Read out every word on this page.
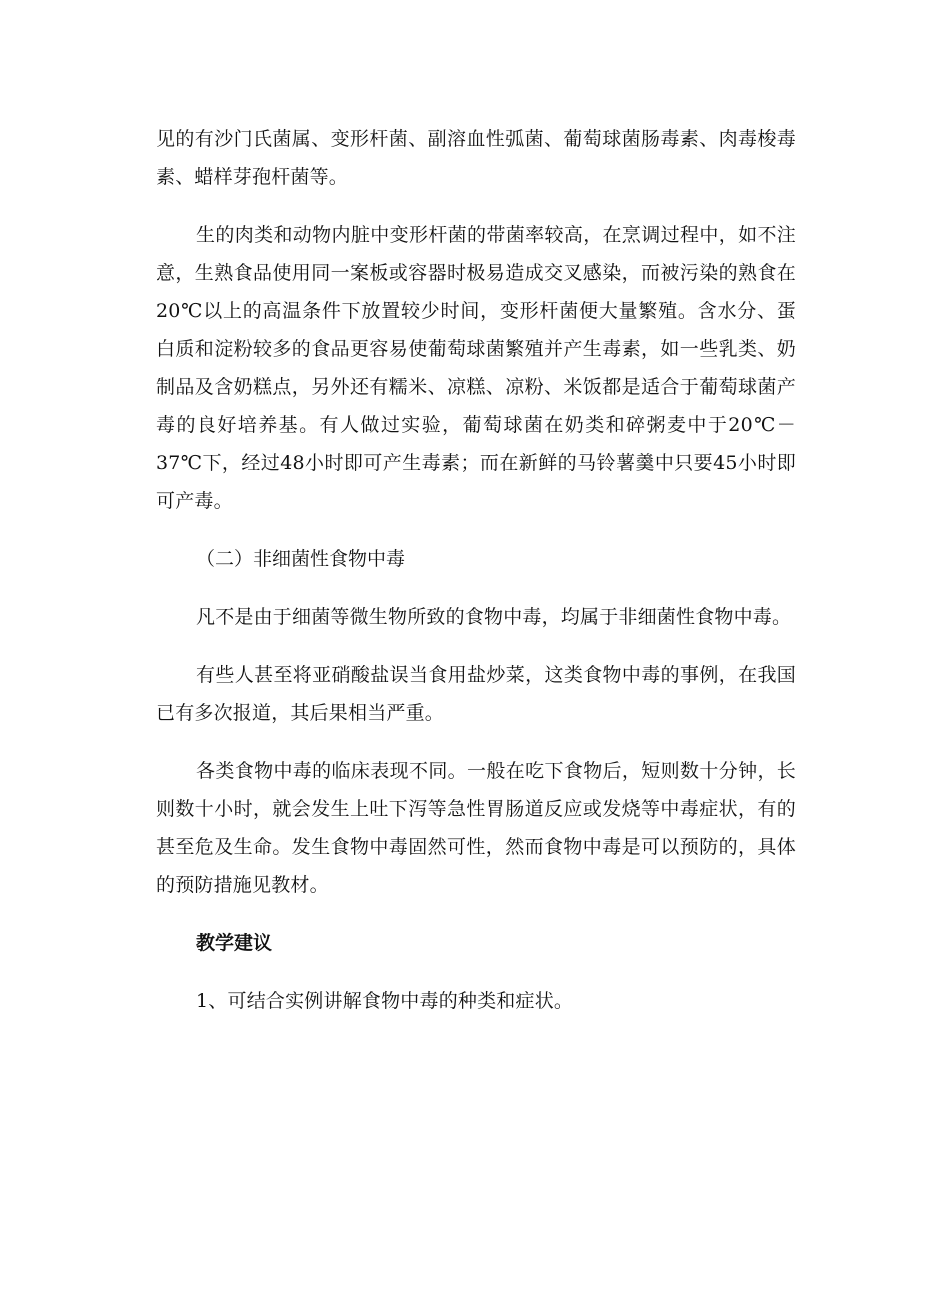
见的有沙门氏菌属、变形杆菌、副溶血性弧菌、葡萄球菌肠毒素、肉毒梭毒素、蜡样芽孢杆菌等。

生的肉类和动物内脏中变形杆菌的带菌率较高，在烹调过程中，如不注意，生熟食品使用同一案板或容器时极易造成交叉感染，而被污染的熟食在20℃以上的高温条件下放置较少时间，变形杆菌便大量繁殖。含水分、蛋白质和淀粉较多的食品更容易使葡萄球菌繁殖并产生毒素，如一些乳类、奶制品及含奶糕点，另外还有糯米、凉糕、凉粉、米饭都是适合于葡萄球菌产毒的良好培养基。有人做过实验，葡萄球菌在奶类和碎粥麦中于20℃－37℃下，经过48小时即可产生毒素；而在新鲜的马铃薯羹中只要45小时即可产毒。

（二）非细菌性食物中毒

凡不是由于细菌等微生物所致的食物中毒，均属于非细菌性食物中毒。

有些人甚至将亚硝酸盐误当食用盐炒菜，这类食物中毒的事例，在我国已有多次报道，其后果相当严重。

各类食物中毒的临床表现不同。一般在吃下食物后，短则数十分钟，长则数十小时，就会发生上吐下泻等急性胃肠道反应或发烧等中毒症状，有的甚至危及生命。发生食物中毒固然可性，然而食物中毒是可以预防的，具体的预防措施见教材。

教学建议

1、可结合实例讲解食物中毒的种类和症状。
